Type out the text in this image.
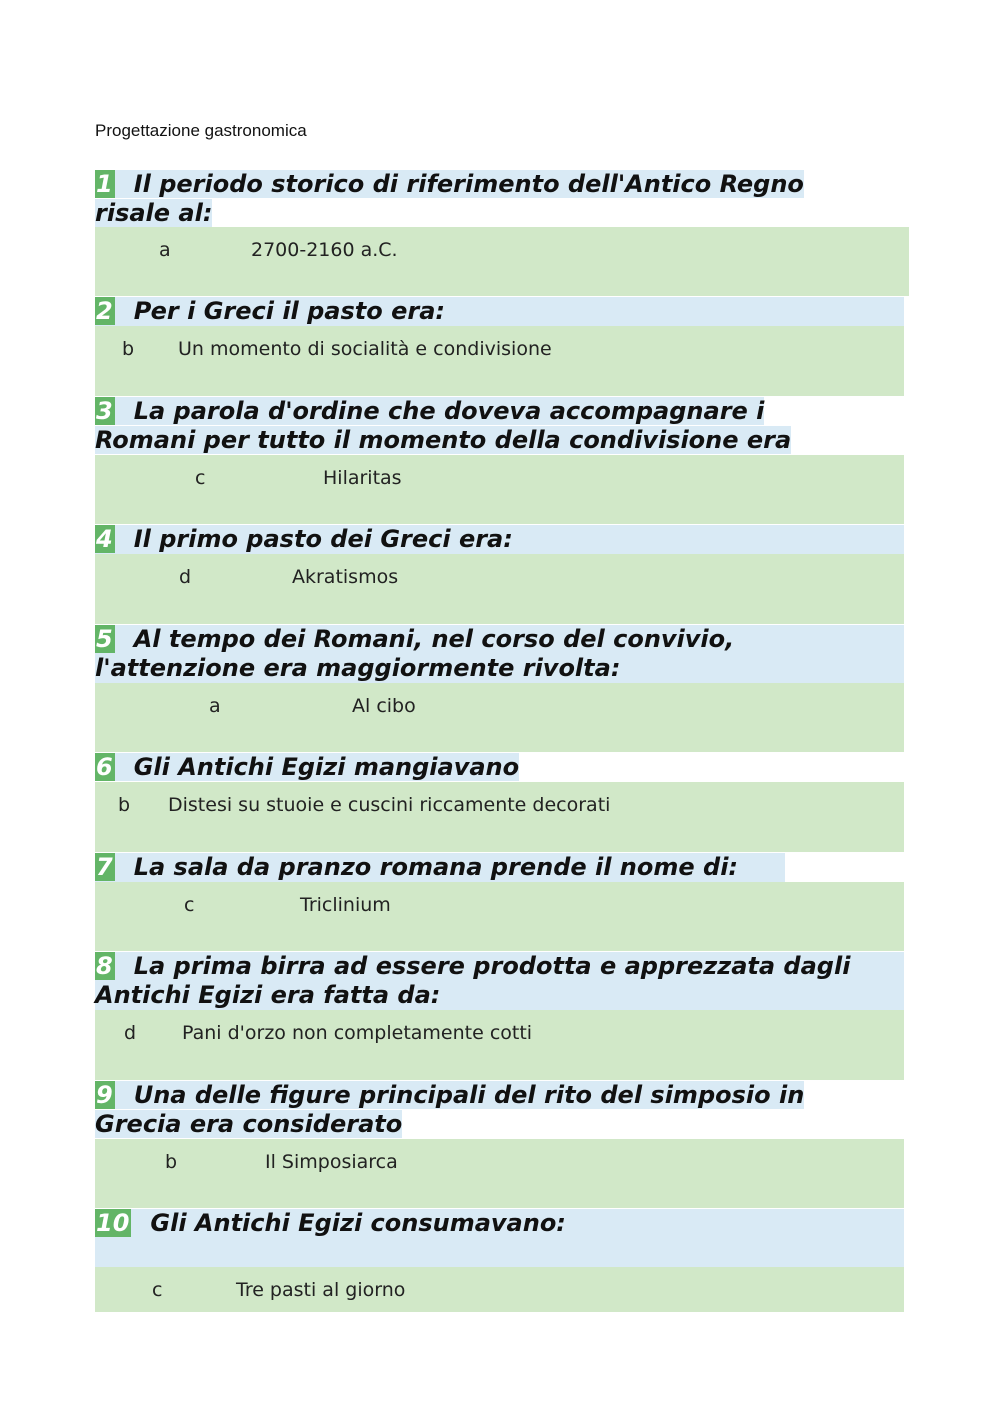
Progettazione gastronomica
1 Il periodo storico di riferimento dell'Antico Regno
risale al:
a	2700-2160 a.C.
2 Per i Greci il pasto era:
b Un momento di socialità e condivisione
3 La parola d'ordine che doveva accompagnare i
Romani per tutto il momento della condivisione era
c	Hilaritas
4 Il primo pasto dei Greci era:
d	Akratismos
5 Al tempo dei Romani, nel corso del convivio,
l'attenzione era maggiormente rivolta:
a	Al cibo
6 Gli Antichi Egizi mangiavano
b Distesi su stuoie e cuscini riccamente decorati
7 La sala da pranzo romana prende il nome di:
c	Triclinium
8 La prima birra ad essere prodotta e apprezzata dagli
Antichi Egizi era fatta da:
d Pani d'orzo non completamente cotti
9 Una delle figure principali del rito del simposio in
Grecia era considerato
b	Il Simposiarca
10 Gli Antichi Egizi consumavano:
c	Tre pasti al giorno
